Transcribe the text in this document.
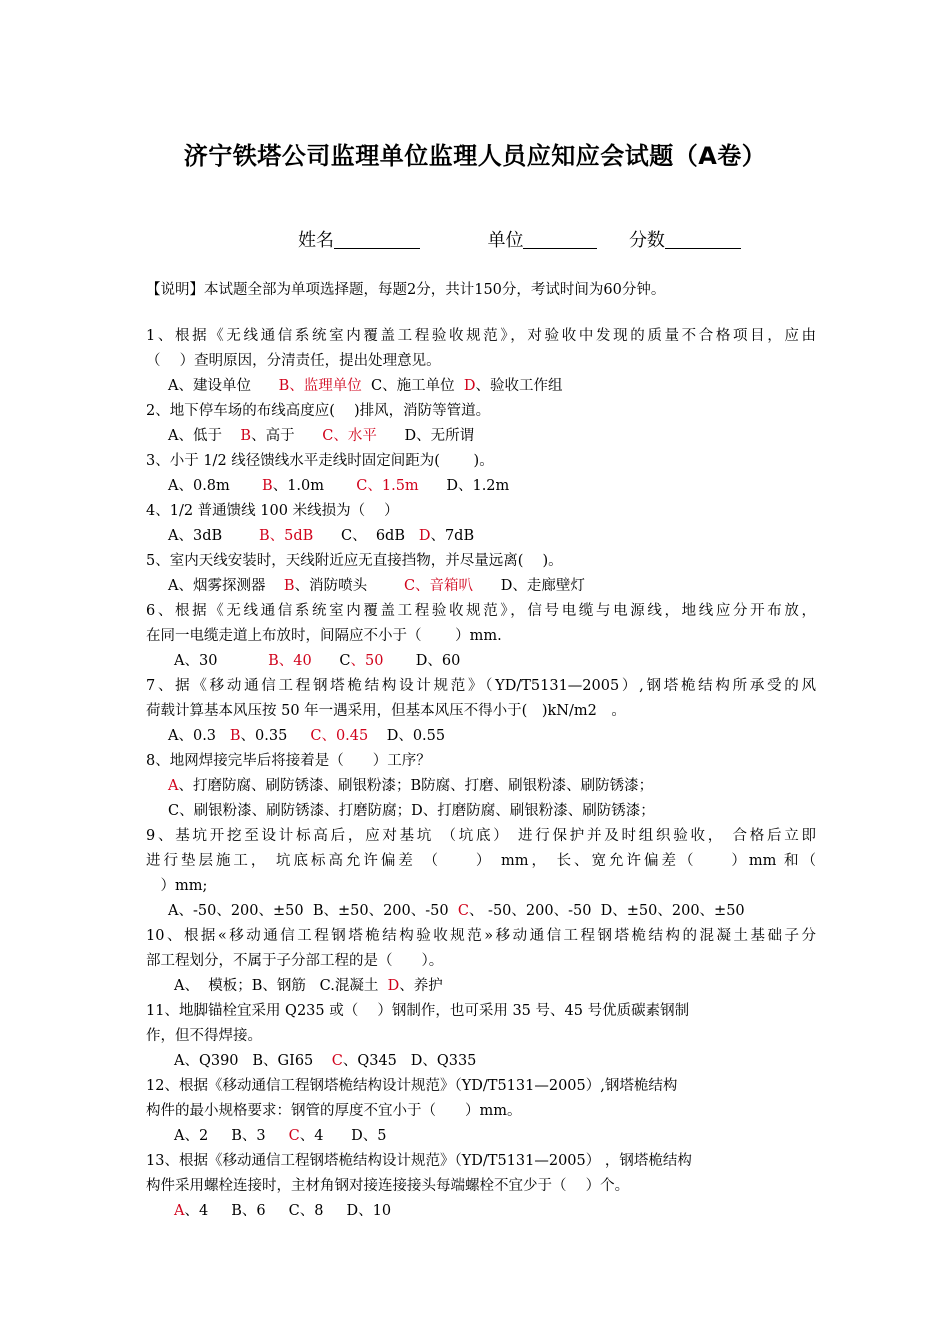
济宁铁塔公司监理单位监理人员应知应会试题（A卷）
姓名	单位	分数
【说明】本试题全部为单项选择题，每题2分，共计150分，考试时间为60分钟。
1、根据《无线通信系统室内覆盖工程验收规范》，对验收中发现的质量不合格项目，应由
（　 ）查明原因，分清责任，提出处理意见。
A、建设单位      B、监理单位  C、施工单位  D、验收工作组
2、地下停车场的布线高度应(　 )排风，消防等管道。
A、低于    B、高于      C、水平      D、无所谓
3、小于 1/2 线径馈线水平走线时固定间距为(　　 )。
A、0.8m       B、1.0m       C、1.5m      D、1.2m
4、1/2 普通馈线 100 米线损为（　 ）
A、3dB        B、5dB      C、  6dB   D、7dB
5、室内天线安装时，天线附近应无直接挡物，并尽量远离(　 )。
A、烟雾探测器    B、消防喷头        C、音箱叭      D、走廊壁灯
6、根据《无线通信系统室内覆盖工程验收规范》，信号电缆与电源线，地线应分开布放，
在同一电缆走道上布放时，间隔应不小于（　　 ）mm.
A、30           B、40      C、50       D、60
7、据《移动通信工程钢塔桅结构设计规范》（YD/T5131—2005）,钢塔桅结构所承受的风
荷载计算基本风压按 50 年一遇采用，但基本风压不得小于(　)kN/m2　。
A、0.3   B、0.35     C、0.45    D、0.55
8、地网焊接完毕后将接着是（　　）工序？
A、打磨防腐、刷防锈漆、刷银粉漆；B防腐、打磨、刷银粉漆、刷防锈漆；
C、刷银粉漆、刷防锈漆、打磨防腐；D、打磨防腐、刷银粉漆、刷防锈漆；
9、基坑开挖至设计标高后，应对基坑 （坑底） 进行保护并及时组织验收， 合格后立即
进行垫层施工， 坑底标高允许偏差 （　　） mm， 长、宽允许偏差（　　）mm 和（
　）mm;
A、-50、200、±50  B、±50、200、-50  C、 -50、200、-50  D、±50、200、±50
10、根据«移动通信工程钢塔桅结构验收规范»移动通信工程钢塔桅结构的混凝土基础子分
部工程划分，不属于子分部工程的是（　　）。
A、  模板；B、钢筋   C.混凝土  D、养护
11、地脚锚栓宜采用 Q235 或（　 ）钢制作，也可采用 35 号、45 号优质碳素钢制
作，但不得焊接。
A、Q390   B、GI65    C、Q345   D、Q335
12、根据《移动通信工程钢塔桅结构设计规范》（YD/T5131—2005）,钢塔桅结构
构件的最小规格要求：钢管的厚度不宜小于（　　）mm。
A、2     B、3     C、4      D、5
13、根据《移动通信工程钢塔桅结构设计规范》（YD/T5131—2005） ，钢塔桅结构
构件采用螺栓连接时，主材角钢对接连接接头每端螺栓不宜少于（　 ）个。
A、4     B、6     C、8     D、10
